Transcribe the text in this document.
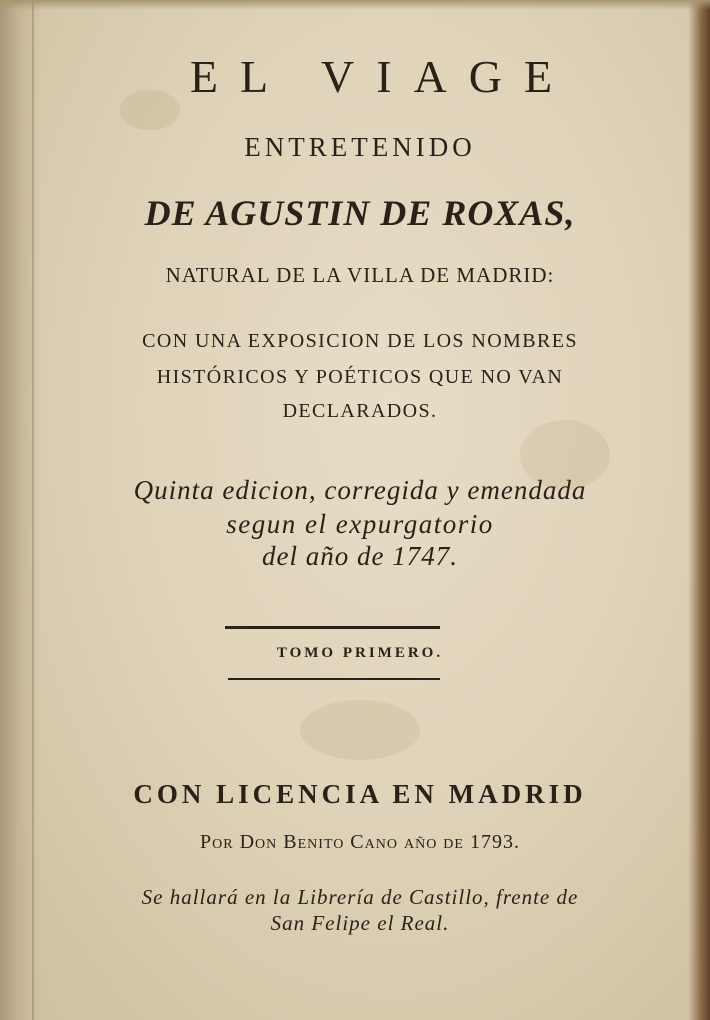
EL VIAGE
ENTRETENIDO
DE AGUSTIN DE ROXAS,
NATURAL DE LA VILLA DE MADRID:
CON UNA EXPOSICION DE LOS NOMBRES
HISTÓRICOS Y POÉTICOS QUE NO VAN
DECLARADOS.
Quinta edicion, corregida y emendada
segun el expurgatorio
del año de 1747.
TOMO PRIMERO.
CON LICENCIA EN MADRID
Por Don Benito Cano año de 1793.
Se hallará en la Librería de Castillo, frente de
San Felipe el Real.
